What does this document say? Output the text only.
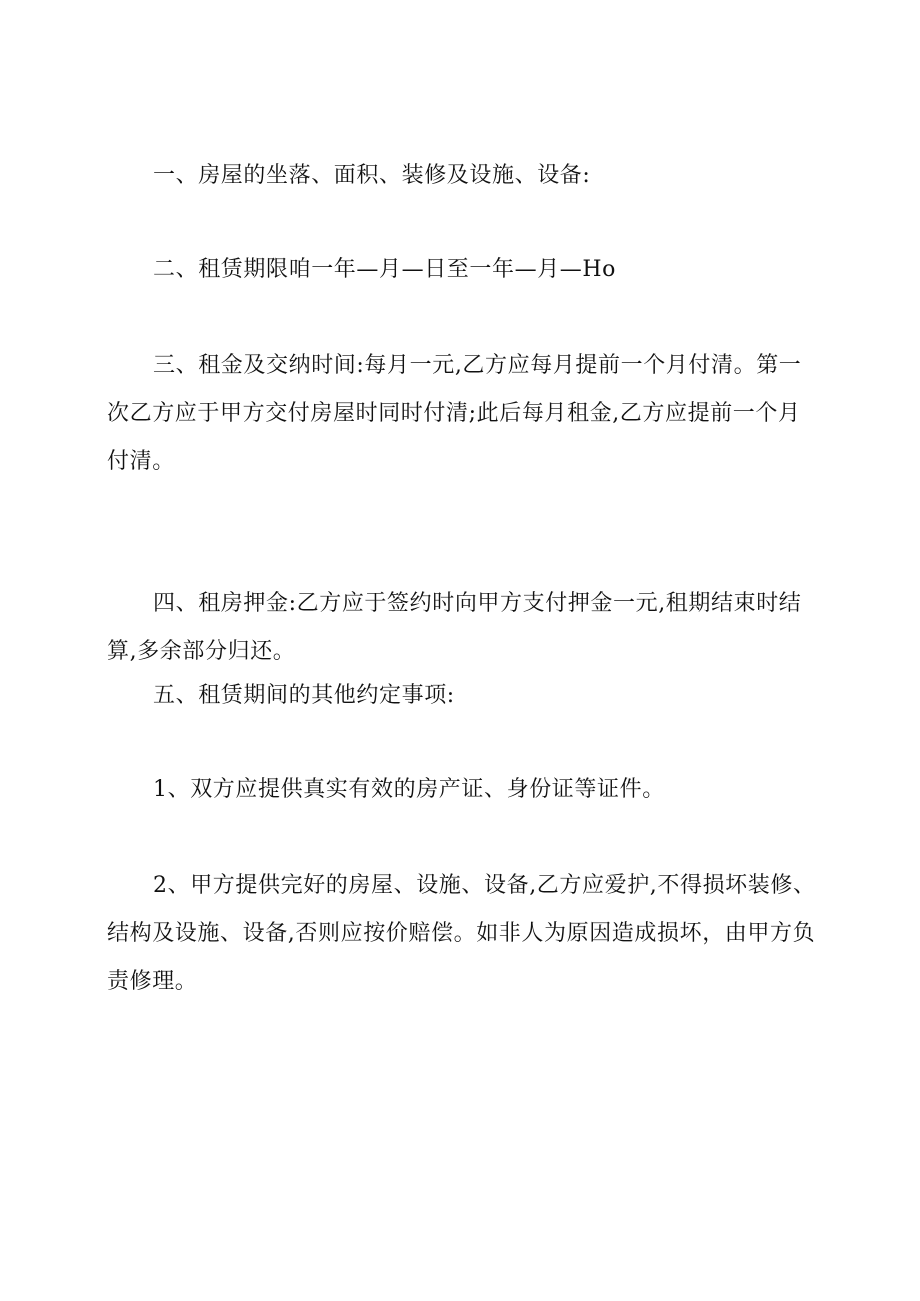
一、房屋的坐落、面积、装修及设施、设备:

二、租赁期限咱一年—月—日至一年—月—Ho

三、租金及交纳时间:每月一元,乙方应每月提前一个月付清。第一次乙方应于甲方交付房屋时同时付清;此后每月租金,乙方应提前一个月付清。

四、租房押金:乙方应于签约时向甲方支付押金一元,租期结束时结算,多余部分归还。

五、租赁期间的其他约定事项:

1、双方应提供真实有效的房产证、身份证等证件。

2、甲方提供完好的房屋、设施、设备,乙方应爱护,不得损坏装修、结构及设施、设备,否则应按价赔偿。如非人为原因造成损坏，由甲方负责修理。
